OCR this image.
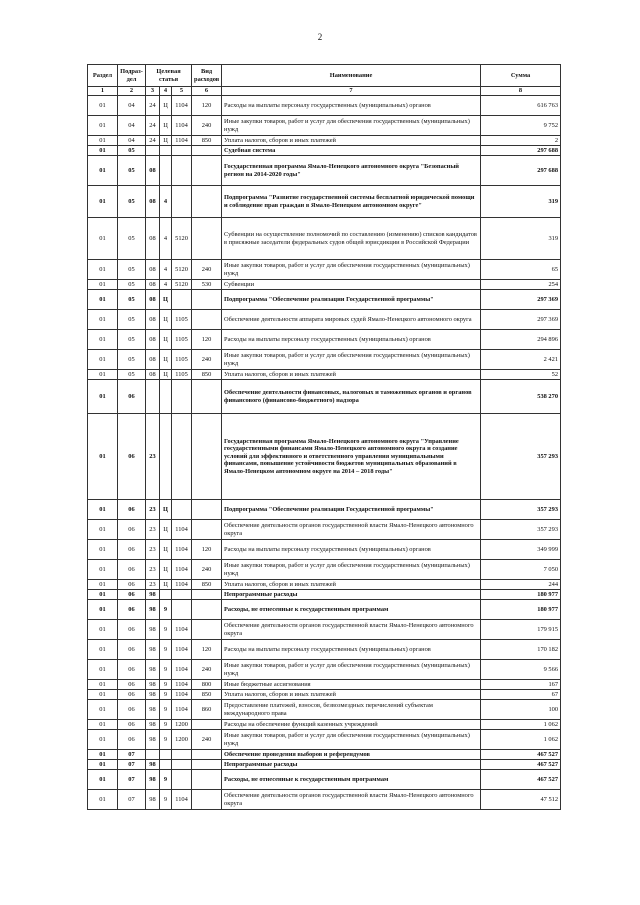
2
Раздел	Подраз-дел	Целевая статья			Вид расходов	Наименование	Сумма
1	2	3	4	5	6	7	8
01	04	24	Ц	1104	120	Расходы на выплаты персоналу государственных (муниципальных) органов	616 763
01	04	24	Ц	1104	240	Иные закупки товаров, работ и услуг для обеспечения государственных (муниципальных) нужд	9 752
01	04	24	Ц	1104	850	Уплата налогов, сборов и иных платежей	2
01	05					Судебная система	297 688
01	05	08				Государственная программа Ямало-Ненецкого автономного округа "Безопасный регион на 2014-2020 годы"	297 688
01	05	08	4			Подпрограмма "Развитие государственной системы бесплатной юридической помощи и соблюдение прав граждан в Ямало-Ненецком автономном округе"	319
01	05	08	4	5120		Субвенции на осуществление полномочий по составлению (изменению) списков кандидатов в присяжные заседатели федеральных судов общей юрисдикции в Российской Федерации	319
01	05	08	4	5120	240	Иные закупки товаров, работ и услуг для обеспечения государственных (муниципальных) нужд	65
01	05	08	4	5120	530	Субвенции	254
01	05	08	Ц			Подпрограмма "Обеспечение реализации Государственной программы"	297 369
01	05	08	Ц	1105		Обеспечение деятельности аппарата мировых судей Ямало-Ненецкого автономного округа	297 369
01	05	08	Ц	1105	120	Расходы на выплаты персоналу государственных (муниципальных) органов	294 896
01	05	08	Ц	1105	240	Иные закупки товаров, работ и услуг для обеспечения государственных (муниципальных) нужд	2 421
01	05	08	Ц	1105	850	Уплата налогов, сборов и иных платежей	52
01	06					Обеспечение деятельности финансовых, налоговых и таможенных органов и органов финансового (финансово-бюджетного) надзора	538 270
01	06	23				Государственная программа Ямало-Ненецкого автономного округа "Управление государственными финансами Ямало-Ненецкого автономного округа и создание условий для эффективного и ответственного управления муниципальными финансами, повышение устойчивости бюджетов муниципальных образований в Ямало-Ненецком автономном округе на 2014 – 2018 годы"	357 293
01	06	23	Ц			Подпрограмма "Обеспечение реализации Государственной программы"	357 293
01	06	23	Ц	1104		Обеспечение деятельности органов государственной власти Ямало-Ненецкого автономного округа	357 293
01	06	23	Ц	1104	120	Расходы на выплаты персоналу государственных (муниципальных) органов	349 999
01	06	23	Ц	1104	240	Иные закупки товаров, работ и услуг для обеспечения государственных (муниципальных) нужд	7 050
01	06	23	Ц	1104	850	Уплата налогов, сборов и иных платежей	244
01	06	98				Непрограммные расходы	180 977
01	06	98	9			Расходы, не отнесенные к государственным программам	180 977
01	06	98	9	1104		Обеспечение деятельности органов государственной власти Ямало-Ненецкого автономного округа	179 915
01	06	98	9	1104	120	Расходы на выплаты персоналу государственных (муниципальных) органов	170 182
01	06	98	9	1104	240	Иные закупки товаров, работ и услуг для обеспечения государственных (муниципальных) нужд	9 566
01	06	98	9	1104	800	Иные бюджетные ассигнования	167
01	06	98	9	1104	850	Уплата налогов, сборов и иных платежей	67
01	06	98	9	1104	860	Предоставление платежей, взносов, безвозмездных перечислений субъектам международного права	100
01	06	98	9	1200		Расходы на обеспечение функций казенных учреждений	1 062
01	06	98	9	1200	240	Иные закупки товаров, работ и услуг для обеспечения государственных (муниципальных) нужд	1 062
01	07					Обеспечение проведения выборов и референдумов	467 527
01	07	98				Непрограммные расходы	467 527
01	07	98	9			Расходы, не отнесенные к государственным программам	467 527
01	07	98	9	1104		Обеспечение деятельности органов государственной власти Ямало-Ненецкого автономного округа	47 512
